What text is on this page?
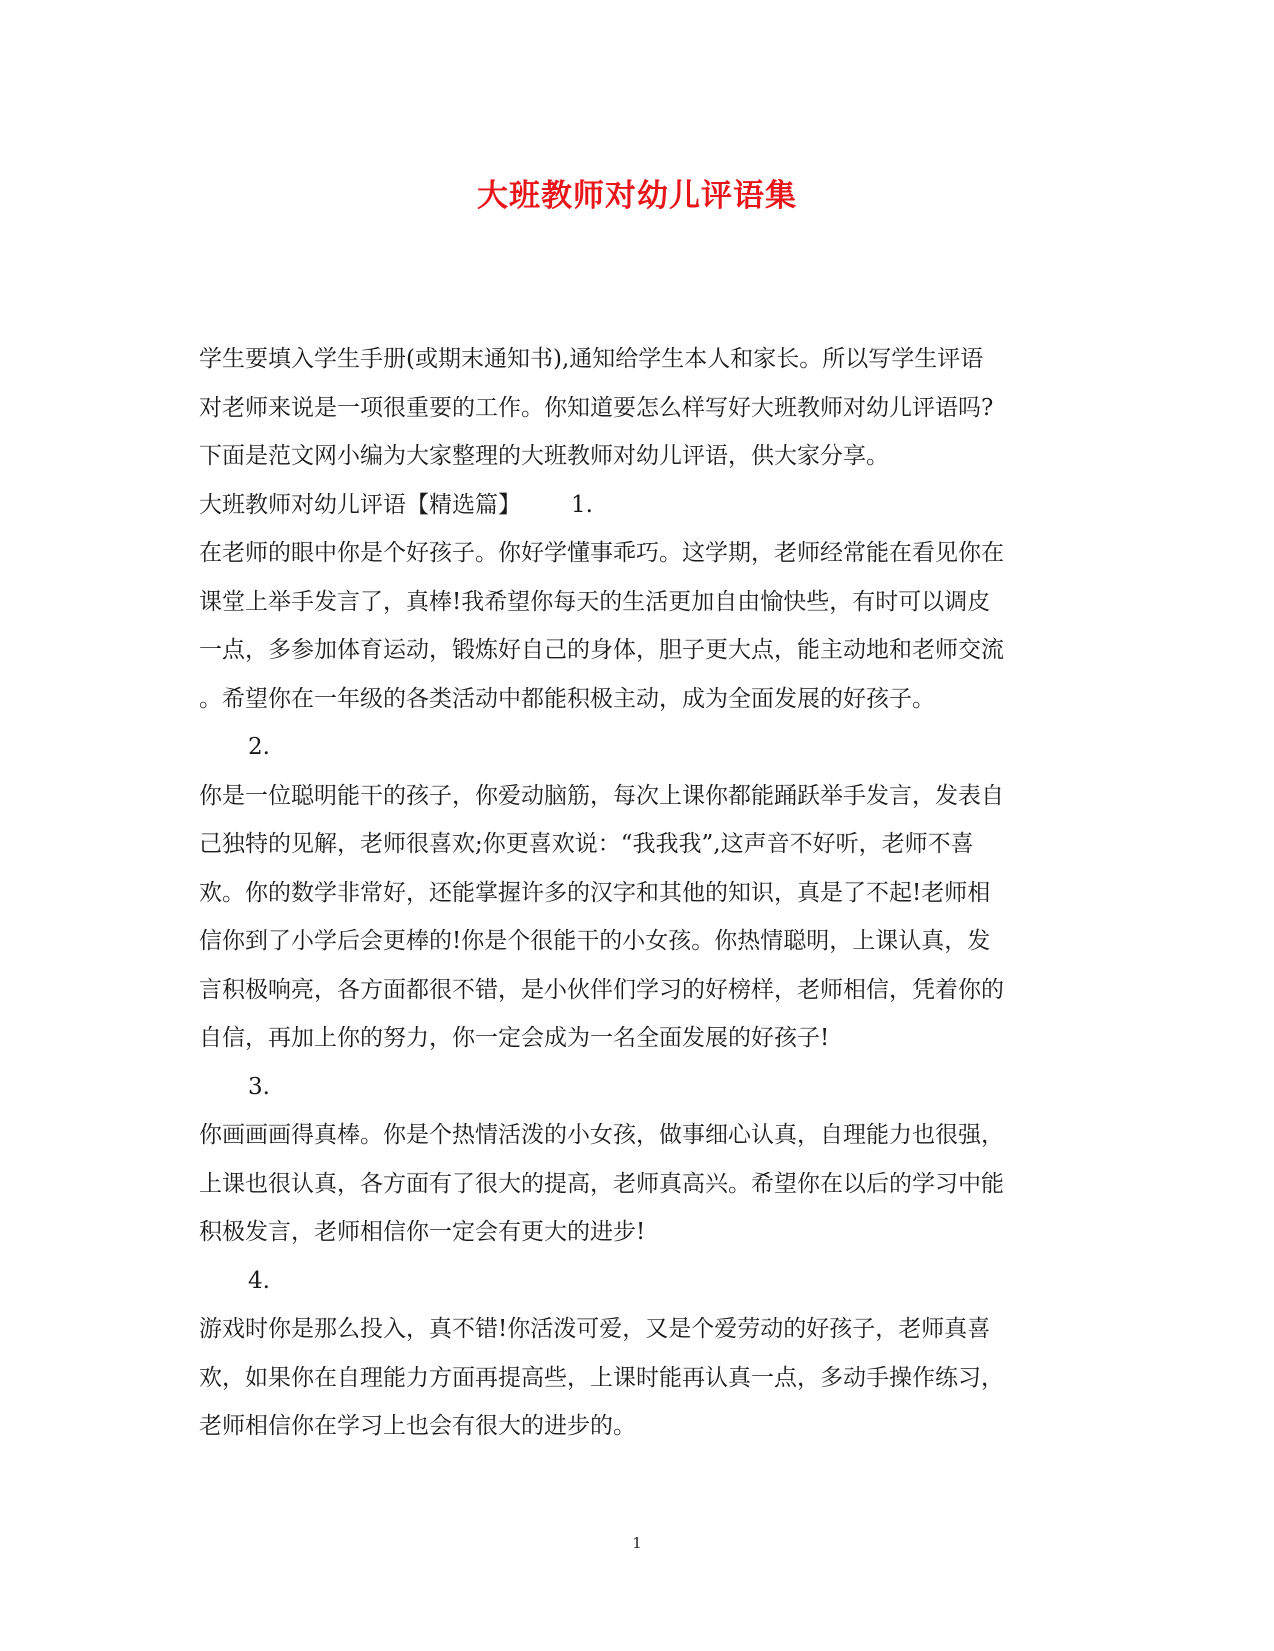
大班教师对幼儿评语集
学生要填入学生手册(或期末通知书),通知给学生本人和家长。所以写学生评语
对老师来说是一项很重要的工作。你知道要怎么样写好大班教师对幼儿评语吗?
下面是范文网小编为大家整理的大班教师对幼儿评语，供大家分享。
大班教师对幼儿评语【精选篇】 1.
在老师的眼中你是个好孩子。你好学懂事乖巧。这学期，老师经常能在看见你在
课堂上举手发言了，真棒!我希望你每天的生活更加自由愉快些，有时可以调皮
一点，多参加体育运动，锻炼好自己的身体，胆子更大点，能主动地和老师交流
。希望你在一年级的各类活动中都能积极主动，成为全面发展的好孩子。
2.
你是一位聪明能干的孩子，你爱动脑筋，每次上课你都能踊跃举手发言，发表自
己独特的见解，老师很喜欢;你更喜欢说：“我我我”,这声音不好听，老师不喜
欢。你的数学非常好，还能掌握许多的汉字和其他的知识，真是了不起!老师相
信你到了小学后会更棒的!你是个很能干的小女孩。你热情聪明，上课认真，发
言积极响亮，各方面都很不错，是小伙伴们学习的好榜样，老师相信，凭着你的
自信，再加上你的努力，你一定会成为一名全面发展的好孩子!
3.
你画画画得真棒。你是个热情活泼的小女孩，做事细心认真，自理能力也很强，
上课也很认真，各方面有了很大的提高，老师真高兴。希望你在以后的学习中能
积极发言，老师相信你一定会有更大的进步!
4.
游戏时你是那么投入，真不错!你活泼可爱，又是个爱劳动的好孩子，老师真喜
欢，如果你在自理能力方面再提高些，上课时能再认真一点，多动手操作练习，
老师相信你在学习上也会有很大的进步的。
1
